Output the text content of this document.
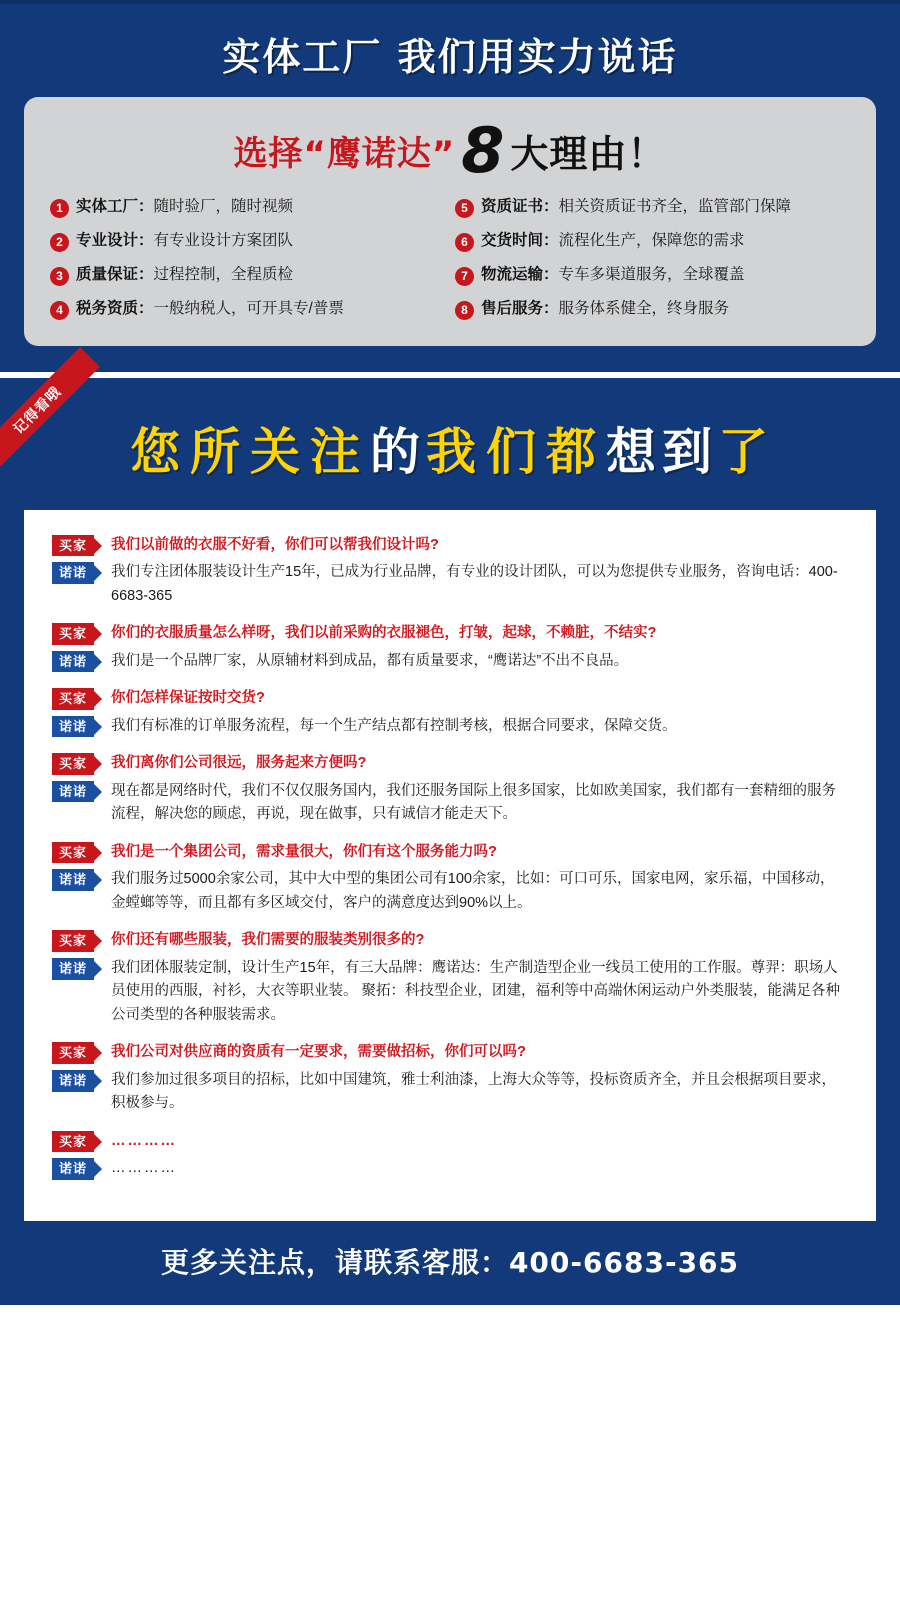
实体工厂 我们用实力说话
选择“鹰诺达” 8 大理由！
1 实体工厂：随时验厂，随时视频	5 资质证书：相关资质证书齐全，监管部门保障
2 专业设计：有专业设计方案团队	6 交货时间：流程化生产，保障您的需求
3 质量保证：过程控制，全程质检	7 物流运输：专车多渠道服务，全球覆盖
4 税务资质：一般纳税人，可开具专/普票	8 售后服务：服务体系健全，终身服务
记得看哦
您所关注的我们都想到了
买家	我们以前做的衣服不好看，你们可以帮我们设计吗?
诺诺	我们专注团体服装设计生产15年，已成为行业品牌，有专业的设计团队，可以为您提供专业服务，咨询电话：400-6683-365
买家	你们的衣服质量怎么样呀，我们以前采购的衣服褪色，打皱，起球，不赖脏，不结实?
诺诺	我们是一个品牌厂家，从原辅材料到成品，都有质量要求，“鹰诺达”不出不良品。
买家	你们怎样保证按时交货?
诺诺	我们有标准的订单服务流程，每一个生产结点都有控制考核，根据合同要求，保障交货。
买家	我们离你们公司很远，服务起来方便吗?
诺诺	现在都是网络时代，我们不仅仅服务国内，我们还服务国际上很多国家，比如欧美国家，我们都有一套精细的服务流程，解决您的顾虑，再说，现在做事，只有诚信才能走天下。
买家	我们是一个集团公司，需求量很大，你们有这个服务能力吗?
诺诺	我们服务过5000余家公司，其中大中型的集团公司有100余家，比如：可口可乐，国家电网，家乐福，中国移动，金螳螂等等，而且都有多区域交付，客户的满意度达到90%以上。
买家	你们还有哪些服装，我们需要的服装类别很多的?
诺诺	我们团体服装定制，设计生产15年，有三大品牌：鹰诺达：生产制造型企业一线员工使用的工作服。尊羿：职场人员使用的西服，衬衫，大衣等职业装。 聚拓：科技型企业，团建，福利等中高端休闲运动户外类服装，能满足各种公司类型的各种服装需求。
买家	我们公司对供应商的资质有一定要求，需要做招标，你们可以吗?
诺诺	我们参加过很多项目的招标，比如中国建筑，雅士利油漆，上海大众等等，投标资质齐全，并且会根据项目要求，积极参与。
买家	…………
诺诺	…………
更多关注点，请联系客服：400-6683-365
